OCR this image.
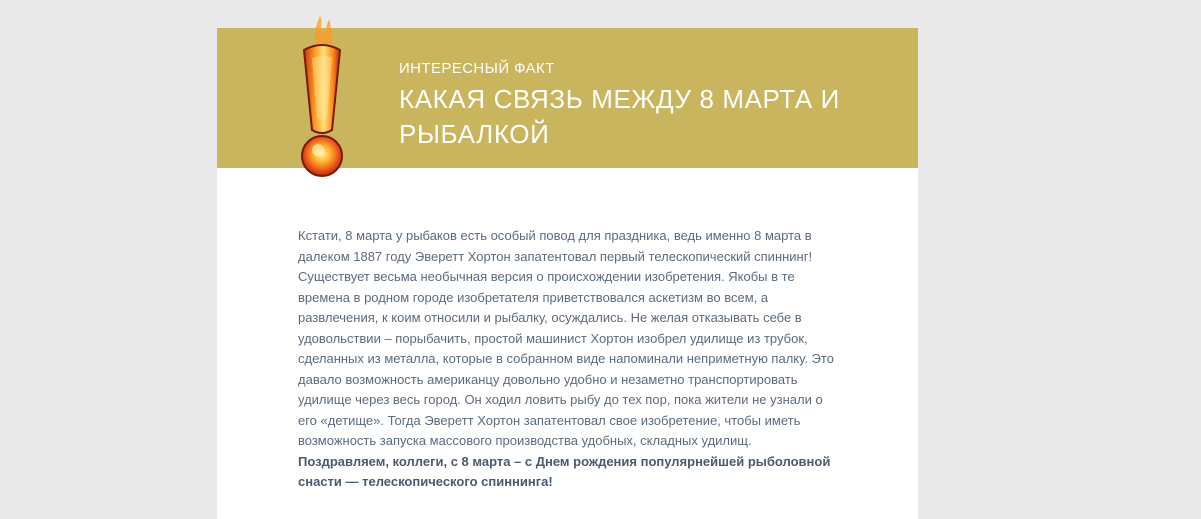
ИНТЕРЕСНЫЙ ФАКТ
КАКАЯ СВЯЗЬ МЕЖДУ 8 МАРТА И РЫБАЛКОЙ

Кстати, 8 марта у рыбаков есть особый повод для праздника, ведь именно 8 марта в далеком 1887 году Эверетт Хортон запатентовал первый телескопический спиннинг! Существует весьма необычная версия о происхождении изобретения. Якобы в те времена в родном городе изобретателя приветствовался аскетизм во всем, а развлечения, к коим относили и рыбалку, осуждались. Не желая отказывать себе в удовольствии – порыбачить, простой машинист Хортон изобрел удилище из трубок, сделанных из металла, которые в собранном виде напоминали неприметную палку. Это давало возможность американцу довольно удобно и незаметно транспортировать удилище через весь город. Он ходил ловить рыбу до тех пор, пока жители не узнали о его «детище». Тогда Эверетт Хортон запатентовал свое изобретение, чтобы иметь возможность запуска массового производства удобных, складных удилищ.

Поздравляем, коллеги, с 8 марта – с Днем рождения популярнейшей рыболовной снасти — телескопического спиннинга!
